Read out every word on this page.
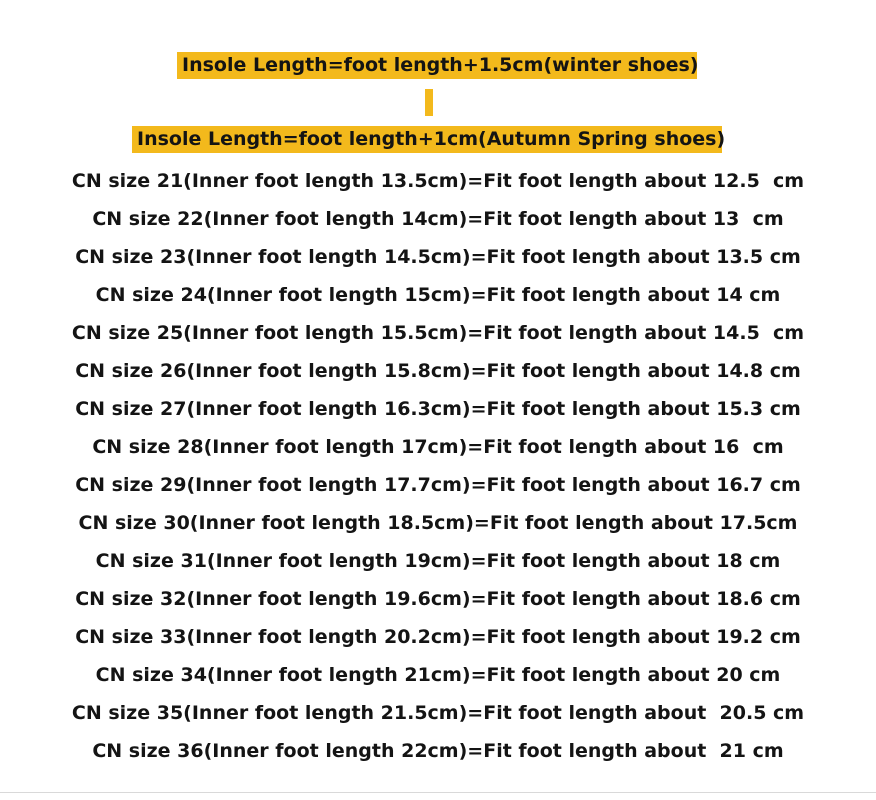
Insole Length=foot length+1.5cm(winter shoes)
Insole Length=foot length+1cm(Autumn Spring shoes)
CN size 21(Inner foot length 13.5cm)=Fit foot length about 12.5  cm
CN size 22(Inner foot length 14cm)=Fit foot length about 13  cm
CN size 23(Inner foot length 14.5cm)=Fit foot length about 13.5 cm
CN size 24(Inner foot length 15cm)=Fit foot length about 14 cm
CN size 25(Inner foot length 15.5cm)=Fit foot length about 14.5  cm
CN size 26(Inner foot length 15.8cm)=Fit foot length about 14.8 cm
CN size 27(Inner foot length 16.3cm)=Fit foot length about 15.3 cm
CN size 28(Inner foot length 17cm)=Fit foot length about 16  cm
CN size 29(Inner foot length 17.7cm)=Fit foot length about 16.7 cm
CN size 30(Inner foot length 18.5cm)=Fit foot length about 17.5cm
CN size 31(Inner foot length 19cm)=Fit foot length about 18 cm
CN size 32(Inner foot length 19.6cm)=Fit foot length about 18.6 cm
CN size 33(Inner foot length 20.2cm)=Fit foot length about 19.2 cm
CN size 34(Inner foot length 21cm)=Fit foot length about 20 cm
CN size 35(Inner foot length 21.5cm)=Fit foot length about  20.5 cm
CN size 36(Inner foot length 22cm)=Fit foot length about  21 cm
